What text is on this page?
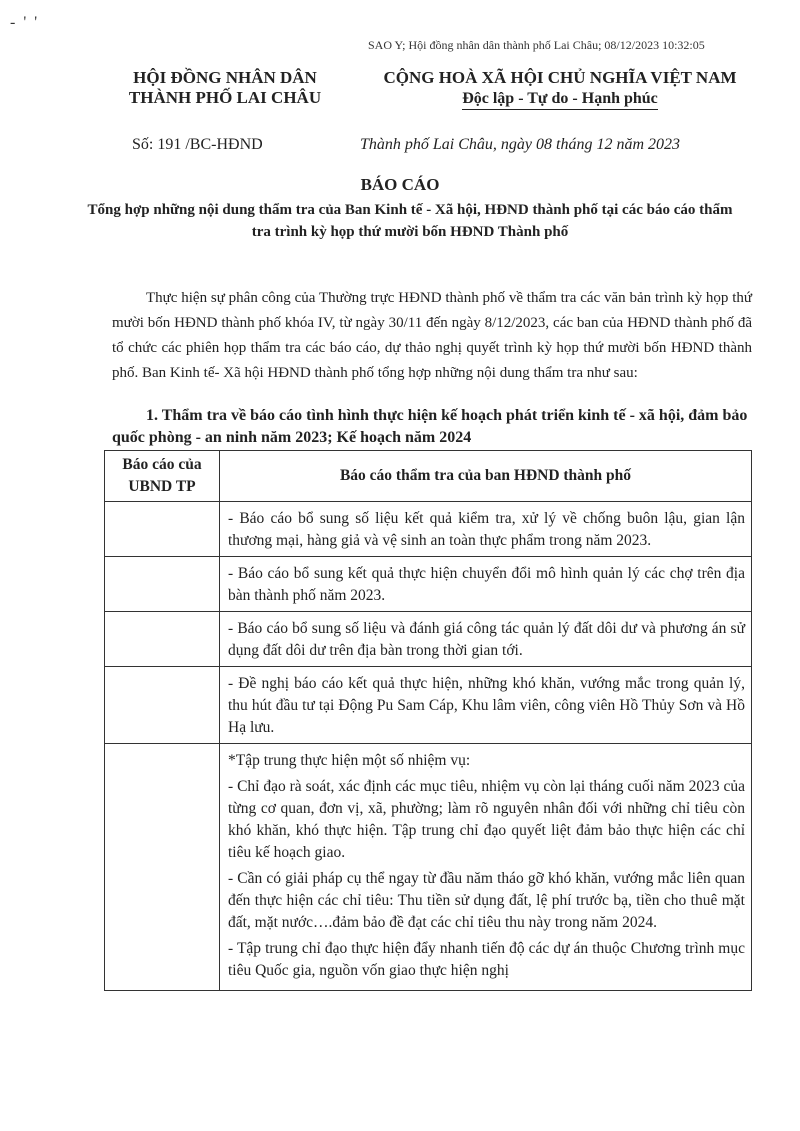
- ' '
SAO Y; Hội đồng nhân dân thành phố Lai Châu; 08/12/2023 10:32:05
HỘI ĐỒNG NHÂN DÂN
THÀNH PHỐ LAI CHÂU
CỘNG HOÀ XÃ HỘI CHỦ NGHĨA VIỆT NAM
Độc lập - Tự do - Hạnh phúc
Số: 191 /BC-HĐND	Thành phố Lai Châu, ngày 08 tháng 12 năm 2023
BÁO CÁO
Tổng hợp những nội dung thẩm tra của Ban Kinh tế - Xã hội, HĐND thành phố tại các báo cáo thẩm tra trình kỳ họp thứ mười bốn HĐND Thành phố
Thực hiện sự phân công của Thường trực HĐND thành phố về thẩm tra các văn bản trình kỳ họp thứ mười bốn HĐND thành phố khóa IV, từ ngày 30/11 đến ngày 8/12/2023, các ban của HĐND thành phố đã tổ chức các phiên họp thẩm tra các báo cáo, dự thảo nghị quyết trình kỳ họp thứ mười bốn HĐND thành phố. Ban Kinh tế- Xã hội HĐND thành phố tổng hợp những nội dung thẩm tra như sau:
1. Thẩm tra về báo cáo tình hình thực hiện kế hoạch phát triển kinh tế - xã hội, đảm bảo quốc phòng - an ninh năm 2023; Kế hoạch năm 2024
Báo cáo của UBND TP	Báo cáo thẩm tra của ban HĐND thành phố
	- Báo cáo bổ sung số liệu kết quả kiểm tra, xử lý về chống buôn lậu, gian lận thương mại, hàng giả và vệ sinh an toàn thực phẩm trong năm 2023.
	- Báo cáo bổ sung kết quả thực hiện chuyển đổi mô hình quản lý các chợ trên địa bàn thành phố năm 2023.
	- Báo cáo bổ sung số liệu và đánh giá công tác quản lý đất dôi dư và phương án sử dụng đất dôi dư trên địa bàn trong thời gian tới.
	- Đề nghị báo cáo kết quả thực hiện, những khó khăn, vướng mắc trong quản lý, thu hút đầu tư tại Động Pu Sam Cáp, Khu lâm viên, công viên Hồ Thủy Sơn và Hồ Hạ lưu.

	*Tập trung thực hiện một số nhiệm vụ:

- Chỉ đạo rà soát, xác định các mục tiêu, nhiệm vụ còn lại tháng cuối năm 2023 của từng cơ quan, đơn vị, xã, phường; làm rõ nguyên nhân đối với những chỉ tiêu còn khó khăn, khó thực hiện. Tập trung chỉ đạo quyết liệt đảm bảo thực hiện các chỉ tiêu kế hoạch giao.

- Cần có giải pháp cụ thể ngay từ đầu năm tháo gỡ khó khăn, vướng mắc liên quan đến thực hiện các chỉ tiêu: Thu tiền sử dụng đất, lệ phí trước bạ, tiền cho thuê mặt đất, mặt nước….đảm bảo đề đạt các chỉ tiêu thu này trong năm 2024.

- Tập trung chỉ đạo thực hiện đẩy nhanh tiến độ các dự án thuộc Chương trình mục tiêu Quốc gia, nguồn vốn giao thực hiện nghị
